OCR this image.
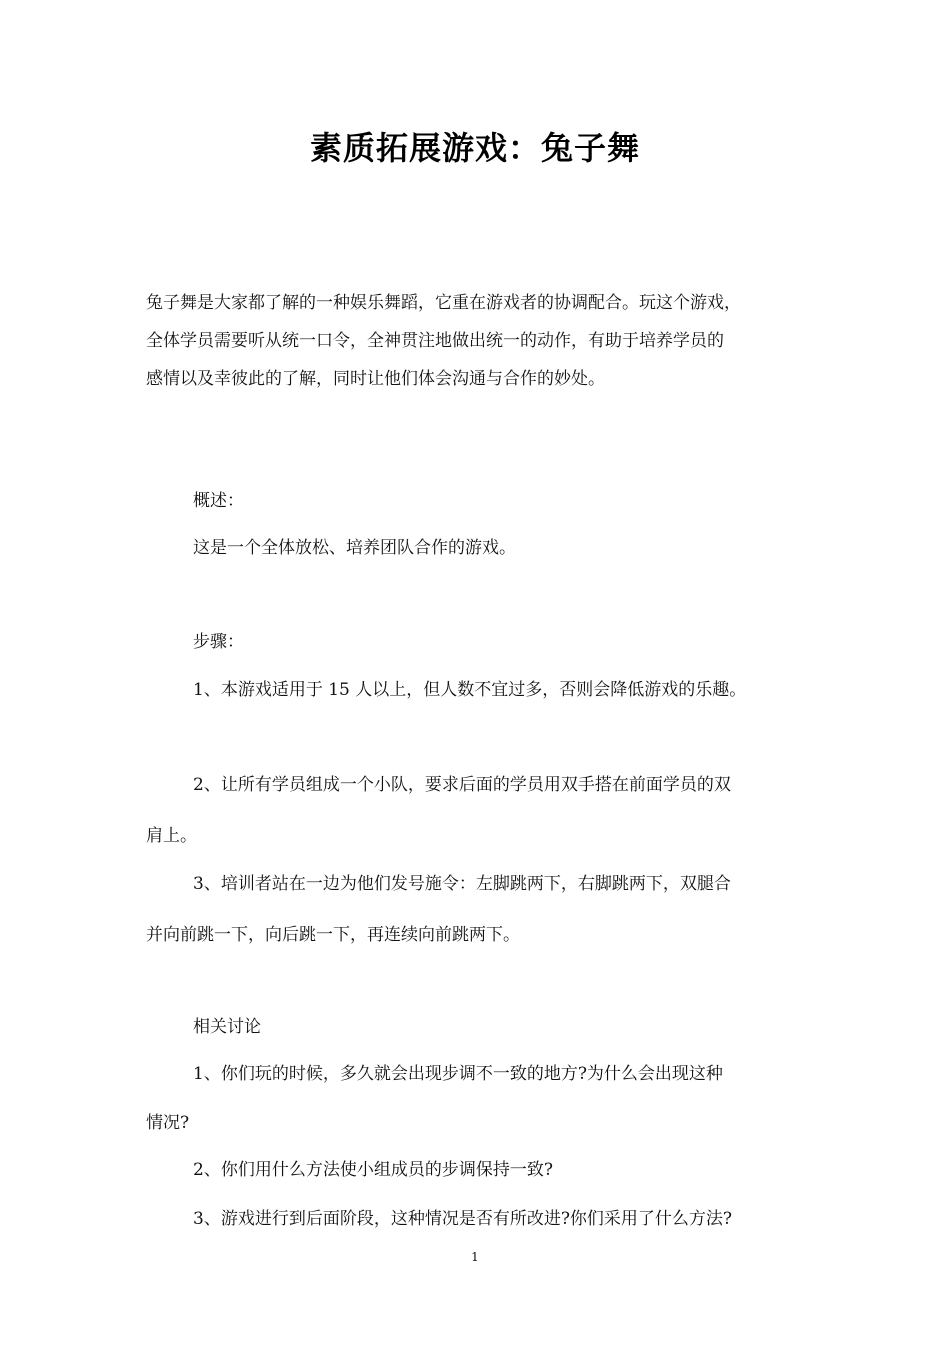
素质拓展游戏：兔子舞

兔子舞是大家都了解的一种娱乐舞蹈，它重在游戏者的协调配合。玩这个游戏，

全体学员需要听从统一口令，全神贯注地做出统一的动作，有助于培养学员的

感情以及幸彼此的了解，同时让他们体会沟通与合作的妙处。

概述：

这是一个全体放松、培养团队合作的游戏。

步骤：

1、本游戏适用于 15 人以上，但人数不宜过多，否则会降低游戏的乐趣。

2、让所有学员组成一个小队，要求后面的学员用双手搭在前面学员的双

肩上。

3、培训者站在一边为他们发号施令：左脚跳两下，右脚跳两下，双腿合

并向前跳一下，向后跳一下，再连续向前跳两下。

相关讨论

1、你们玩的时候，多久就会出现步调不一致的地方?为什么会出现这种

情况?

2、你们用什么方法使小组成员的步调保持一致?

3、游戏进行到后面阶段，这种情况是否有所改进?你们采用了什么方法?

1
